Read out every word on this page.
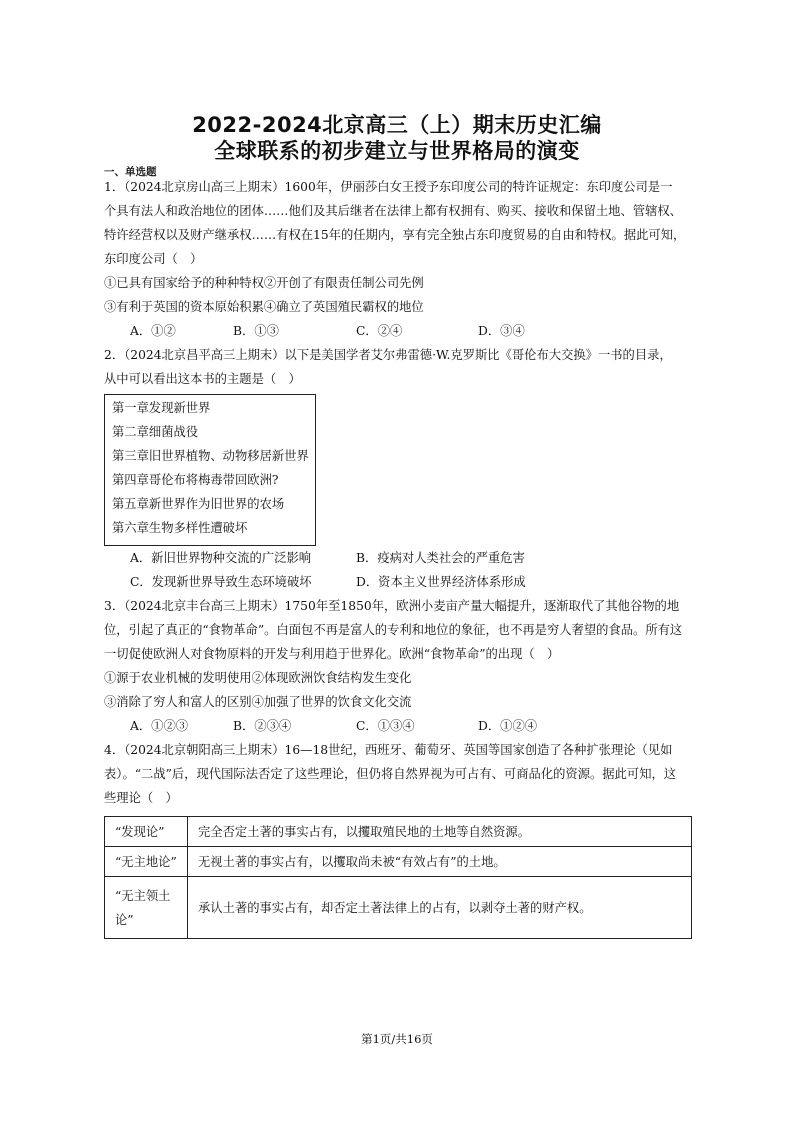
2022-2024北京高三（上）期末历史汇编
全球联系的初步建立与世界格局的演变
一、单选题
1．（2024北京房山高三上期末）1600年，伊丽莎白女王授予东印度公司的特许证规定：东印度公司是一
个具有法人和政治地位的团体……他们及其后继者在法律上都有权拥有、购买、接收和保留土地、管辖权、
特许经营权以及财产继承权……有权在15年的任期内，享有完全独占东印度贸易的自由和特权。据此可知，
东印度公司（　）
①已具有国家给予的种种特权②开创了有限责任制公司先例
③有利于英国的资本原始积累④确立了英国殖民霸权的地位
A．①②	B．①③	C．②④	D．③④
2．（2024北京昌平高三上期末）以下是美国学者艾尔弗雷德·W.克罗斯比《哥伦布大交换》一书的目录，
从中可以看出这本书的主题是（　）
第一章发现新世界
第二章细菌战役
第三章旧世界植物、动物移居新世界
第四章哥伦布将梅毒带回欧洲?
第五章新世界作为旧世界的农场
第六章生物多样性遭破坏
A．新旧世界物种交流的广泛影响	B．疫病对人类社会的严重危害
C．发现新世界导致生态环境破坏	D．资本主义世界经济体系形成
3．（2024北京丰台高三上期末）1750年至1850年，欧洲小麦亩产量大幅提升，逐渐取代了其他谷物的地
位，引起了真正的“食物革命”。白面包不再是富人的专利和地位的象征，也不再是穷人奢望的食品。所有这
一切促使欧洲人对食物原料的开发与利用趋于世界化。欧洲“食物革命”的出现（　）
①源于农业机械的发明使用②体现欧洲饮食结构发生变化
③消除了穷人和富人的区别④加强了世界的饮食文化交流
A．①②③	B．②③④	C．①③④	D．①②④
4．（2024北京朝阳高三上期末）16—18世纪，西班牙、葡萄牙、英国等国家创造了各种扩张理论（见如
表）。“二战”后，现代国际法否定了这些理论，但仍将自然界视为可占有、可商品化的资源。据此可知，这
些理论（　）
“发现论”	完全否定土著的事实占有，以攫取殖民地的土地等自然资源。
“无主地论”	无视土著的事实占有，以攫取尚未被“有效占有”的土地。

“无主领土
论”	承认土著的事实占有，却否定土著法律上的占有，以剥夺土著的财产权。
第1页/共16页
